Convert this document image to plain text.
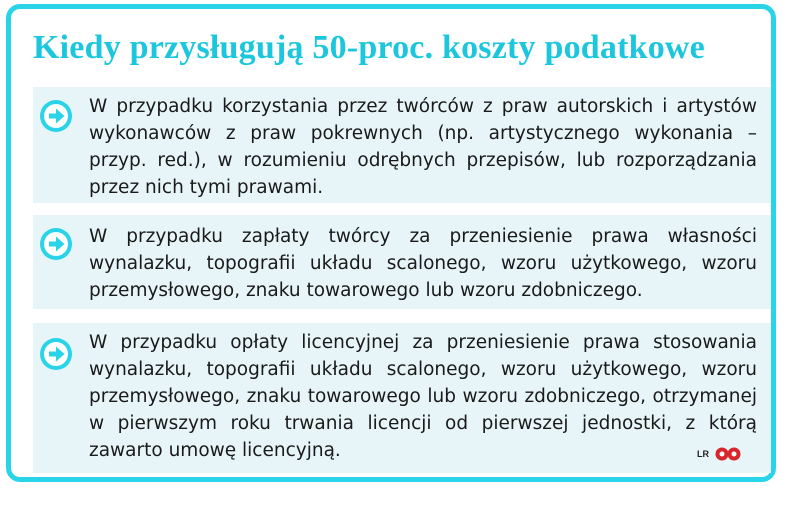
Kiedy przysługują 50-proc. koszty podatkowe

W przypadku korzystania przez twórców z praw autorskich i artystów wykonawców z praw pokrewnych (np. artystycznego wykonania – przyp. red.), w rozumieniu odrębnych przepisów, lub rozporządzania przez nich tymi prawami.

W przypadku zapłaty twórcy za przeniesienie prawa własności wynalazku, topografii układu scalonego, wzoru użytkowego, wzoru przemysłowego, znaku towarowego lub wzoru zdobniczego.

W przypadku opłaty licencyjnej za przeniesienie prawa stosowania wynalazku, topografii układu scalonego, wzoru użytkowego, wzoru przemysłowego, znaku towarowego lub wzoru zdobniczego, otrzymanej w pierwszym roku trwania licencji od pierwszej jednostki, z którą zawarto umowę licencyjną.	LR
